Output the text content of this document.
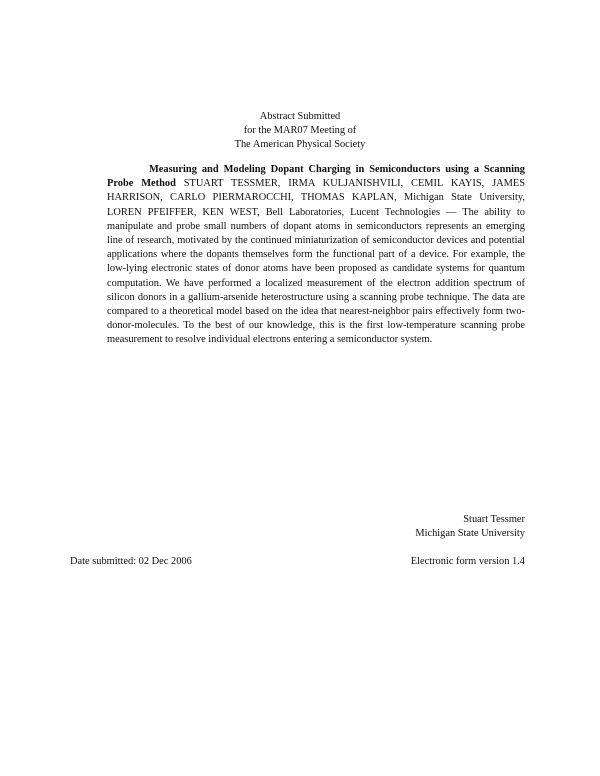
Abstract Submitted
for the MAR07 Meeting of
The American Physical Society
Measuring and Modeling Dopant Charging in Semiconductors using a Scanning Probe Method STUART TESSMER, IRMA KULJANISHVILI, CEMIL KAYIS, JAMES HARRISON, CARLO PIERMAROCCHI, THOMAS KAPLAN, Michigan State University, LOREN PFEIFFER, KEN WEST, Bell Laboratories, Lucent Technologies — The ability to manipulate and probe small numbers of dopant atoms in semiconductors represents an emerging line of research, motivated by the continued miniaturization of semiconductor devices and potential applications where the dopants themselves form the functional part of a device. For example, the low-lying electronic states of donor atoms have been proposed as candidate systems for quantum computation. We have performed a localized measurement of the electron addition spectrum of silicon donors in a gallium-arsenide heterostructure using a scanning probe technique. The data are compared to a theoretical model based on the idea that nearest-neighbor pairs effectively form two-donor-molecules. To the best of our knowledge, this is the first low-temperature scanning probe measurement to resolve individual electrons entering a semiconductor system.
Stuart Tessmer
Michigan State University
Date submitted: 02 Dec 2006	Electronic form version 1.4
